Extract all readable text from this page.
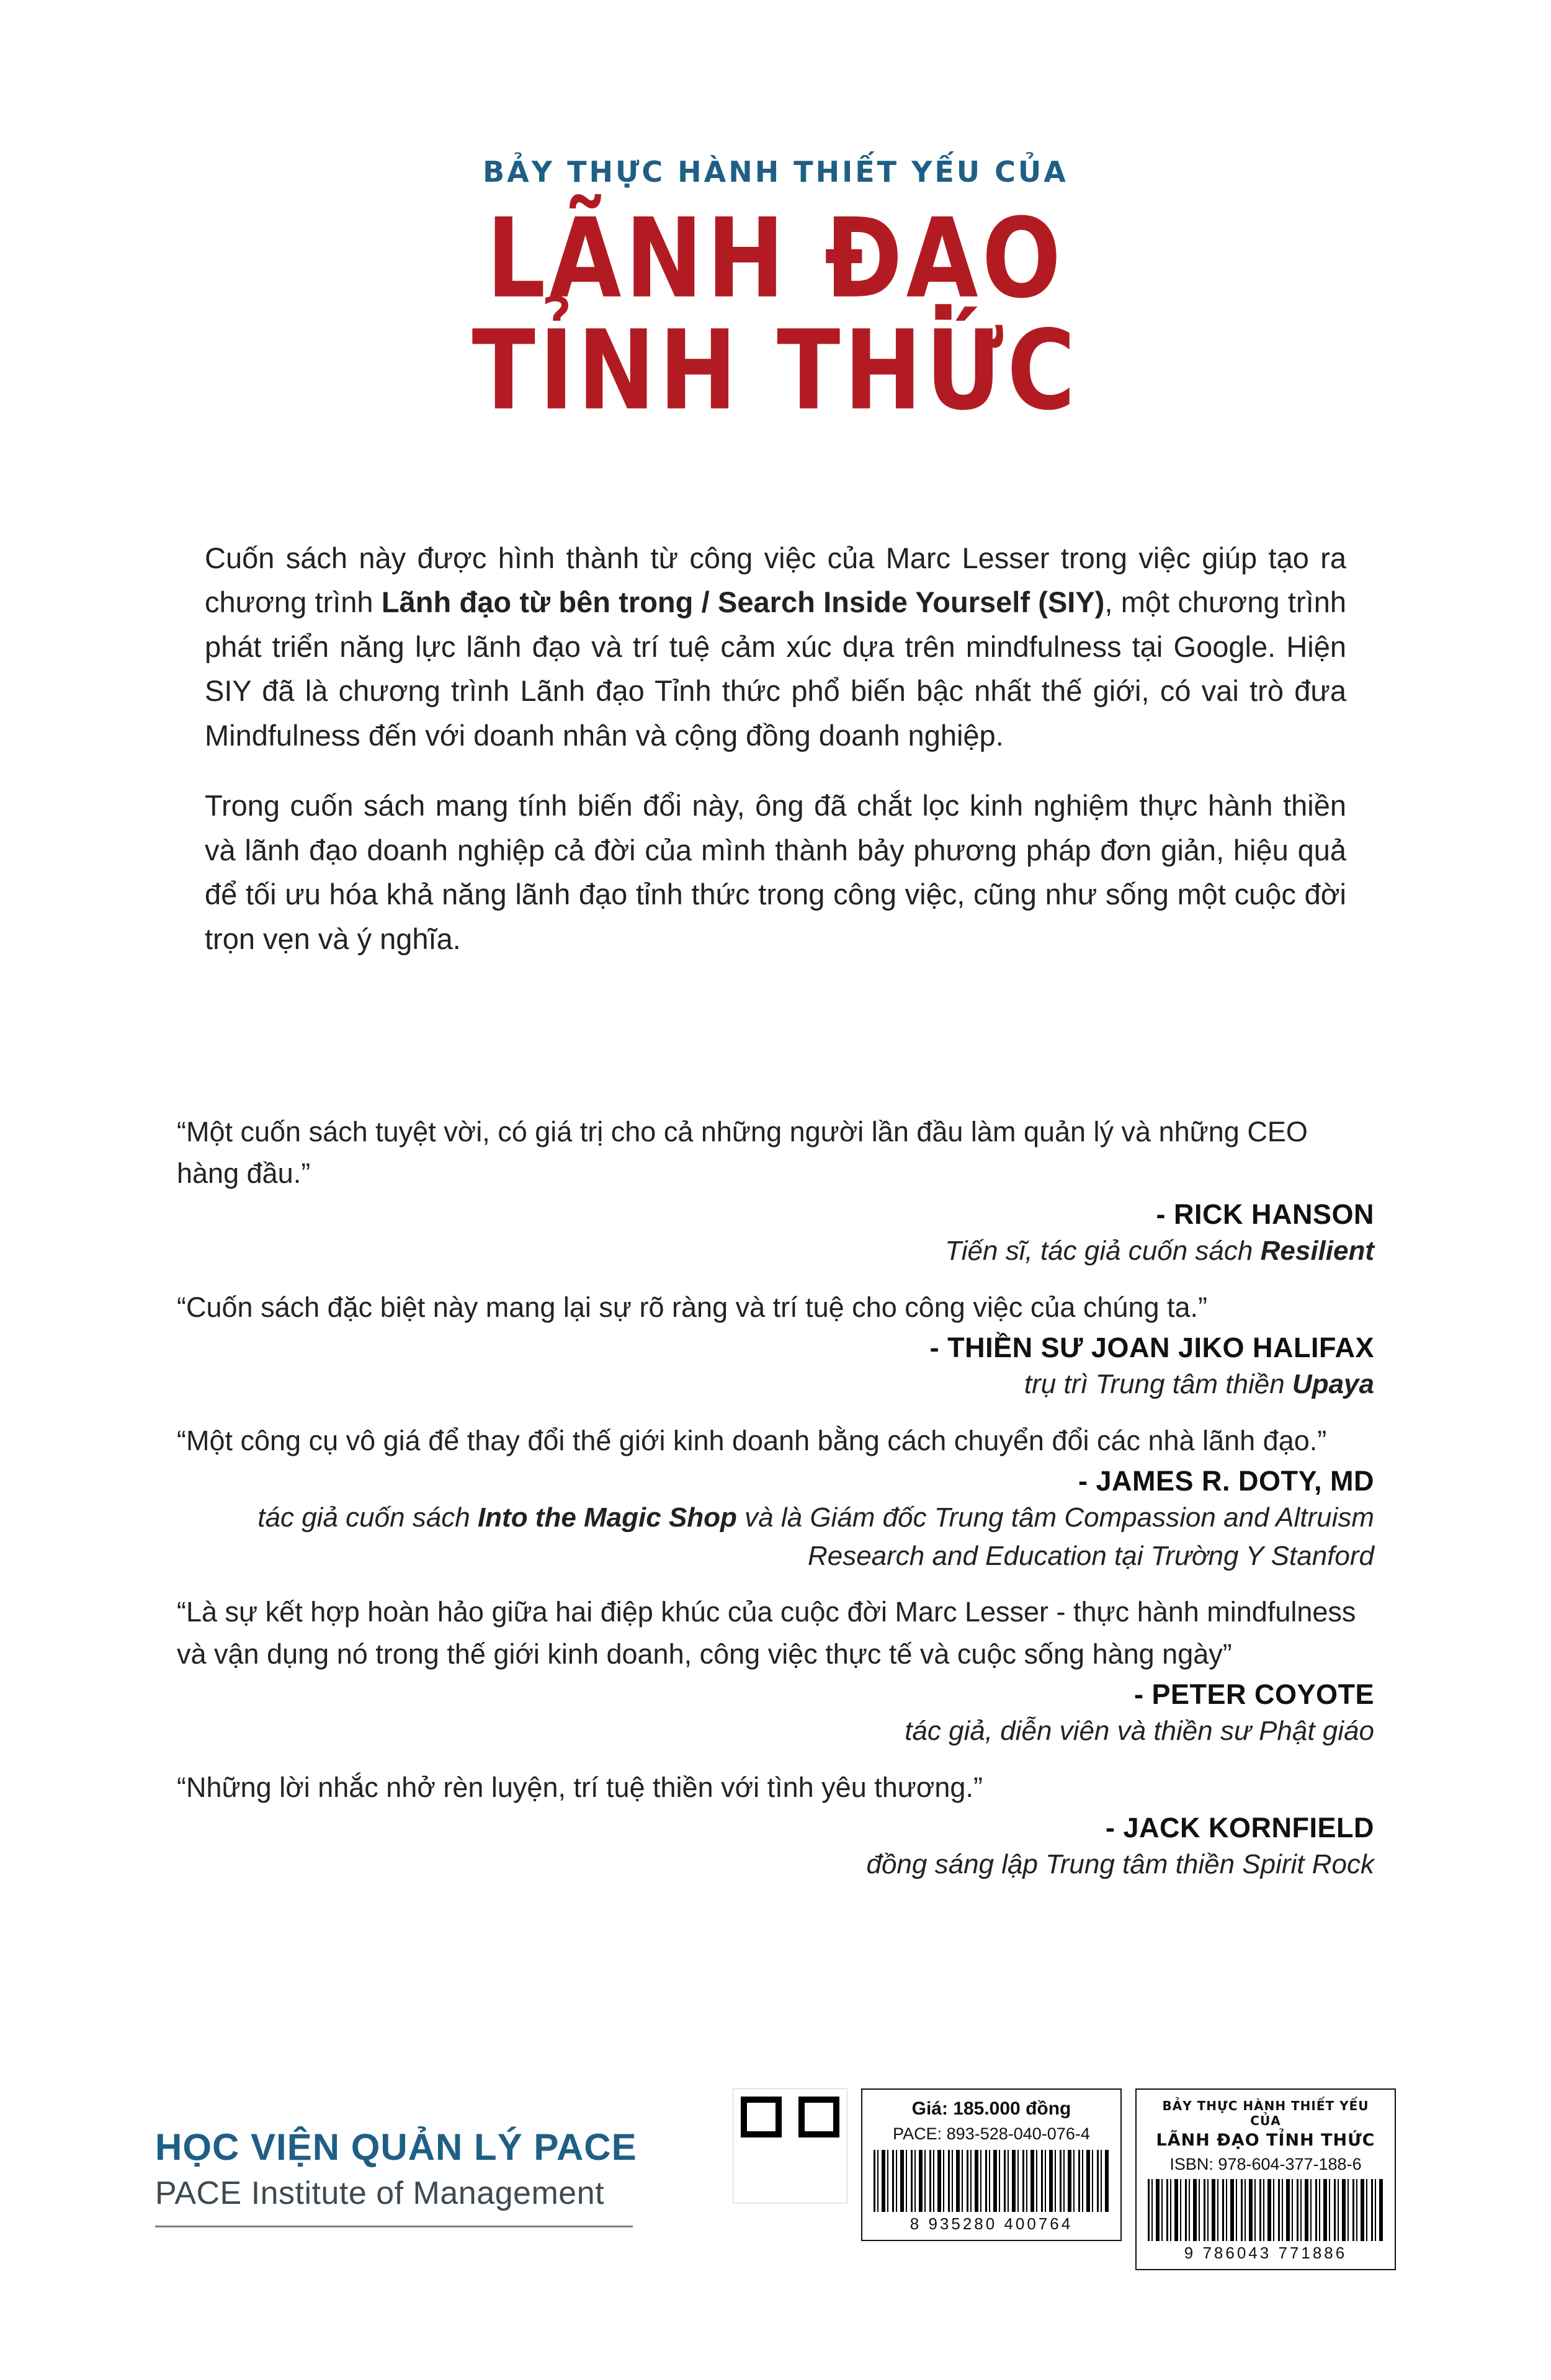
BẢY THỰC HÀNH THIẾT YẾU CỦA
LÃNH ĐẠO
TỈNH THỨC

Cuốn sách này được hình thành từ công việc của Marc Lesser trong việc giúp tạo ra chương trình Lãnh đạo từ bên trong / Search Inside Yourself (SIY), một chương trình phát triển năng lực lãnh đạo và trí tuệ cảm xúc dựa trên mindfulness tại Google. Hiện SIY đã là chương trình Lãnh đạo Tỉnh thức phổ biến bậc nhất thế giới, có vai trò đưa Mindfulness đến với doanh nhân và cộng đồng doanh nghiệp.

Trong cuốn sách mang tính biến đổi này, ông đã chắt lọc kinh nghiệm thực hành thiền và lãnh đạo doanh nghiệp cả đời của mình thành bảy phương pháp đơn giản, hiệu quả để tối ưu hóa khả năng lãnh đạo tỉnh thức trong công việc, cũng như sống một cuộc đời trọn vẹn và ý nghĩa.

“Một cuốn sách tuyệt vời, có giá trị cho cả những người lần đầu làm quản lý và những CEO hàng đầu.”

- RICK HANSON

Tiến sĩ, tác giả cuốn sách Resilient

“Cuốn sách đặc biệt này mang lại sự rõ ràng và trí tuệ cho công việc của chúng ta.”

- THIỀN SƯ JOAN JIKO HALIFAX

trụ trì Trung tâm thiền Upaya

“Một công cụ vô giá để thay đổi thế giới kinh doanh bằng cách chuyển đổi các nhà lãnh đạo.”

- JAMES R. DOTY, MD

tác giả cuốn sách Into the Magic Shop và là Giám đốc Trung tâm Compassion and Altruism Research and Education tại Trường Y Stanford

“Là sự kết hợp hoàn hảo giữa hai điệp khúc của cuộc đời Marc Lesser - thực hành mindfulness và vận dụng nó trong thế giới kinh doanh, công việc thực tế và cuộc sống hàng ngày”

- PETER COYOTE

tác giả, diễn viên và thiền sư Phật giáo

“Những lời nhắc nhở rèn luyện, trí tuệ thiền với tình yêu thương.”

- JACK KORNFIELD

đồng sáng lập Trung tâm thiền Spirit Rock

HỌC VIỆN QUẢN LÝ PACE
PACE Institute of Management
Giá: 185.000 đồng
PACE: 893-528-040-076-4
8 935280 400764
BẢY THỰC HÀNH THIẾT YẾU CỦA
LÃNH ĐẠO TỈNH THỨC
ISBN: 978-604-377-188-6
9 786043 771886
